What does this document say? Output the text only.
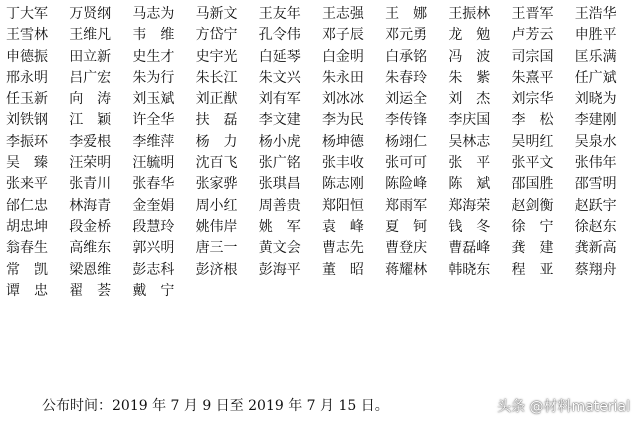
丁大军	万贤纲	马志为	马新文	王友年	王志强	王　娜	王振林	王晋军	王浩华
王雪林	王维凡	韦　维	方岱宁	孔令伟	邓子辰	邓元勇	龙　勉	卢芳云	申胜平
申德振	田立新	史生才	史宇光	白延琴	白金明	白承铭	冯　波	司宗国	匡乐满
邢永明	吕广宏	朱为行	朱长江	朱文兴	朱永田	朱春玲	朱　紫	朱熹平	任广斌
任玉新	向　涛	刘玉斌	刘正猷	刘有军	刘冰冰	刘运全	刘　杰	刘宗华	刘晓为
刘铁钢	江　颖	许全华	扶　磊	李文建	李为民	李传锋	李庆国	李　松	李建刚
李振环	李爱根	李维萍	杨　力	杨小虎	杨坤德	杨翊仁	吴林志	吴明红	吴泉水
吴　臻	汪荣明	汪毓明	沈百飞	张广铭	张丰收	张可可	张　平	张平文	张伟年
张来平	张青川	张春华	张家骅	张琪昌	陈志刚	陈险峰	陈　斌	邵国胜	邵雪明
邰仁忠	林海青	金奎娟	周小红	周善贵	郑阳恒	郑雨军	郑海荣	赵剑衡	赵跃宇
胡忠坤	段金桥	段慧玲	姚伟岸	姚　军	袁　峰	夏　钶	钱　冬	徐　宁	徐赵东
翁春生	高维东	郭兴明	唐三一	黄文会	曹志先	曹登庆	曹磊峰	龚　建	龚新高
常　凯	梁恩维	彭志科	彭济根	彭海平	董　昭	蒋耀林	韩晓东	程　亚	蔡翔舟
谭　忠	翟　荟	戴　宁
公布时间：2019 年 7 月 9 日至 2019 年 7 月 15 日。	头条 @材料material
